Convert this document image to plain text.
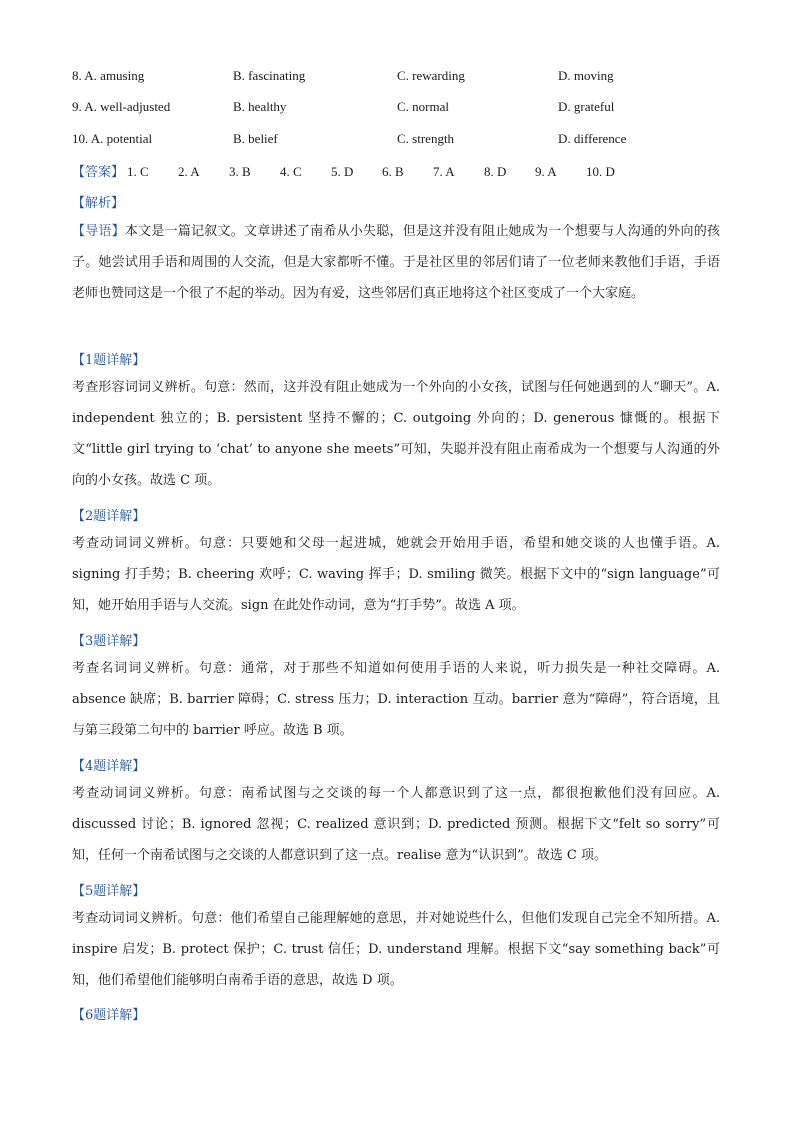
8. A. amusing	B. fascinating	C. rewarding	D. moving
9. A. well-adjusted	B. healthy	C. normal	D. grateful
10. A. potential	B. belief	C. strength	D. difference
【答案】 1. C 2. A 3. B 4. C 5. D 6. B 7. A 8. D 9. A 10. D
【解析】
【导语】本文是一篇记叙文。文章讲述了南希从小失聪，但是这并没有阻止她成为一个想要与人沟通的外向的孩子。她尝试用手语和周围的人交流，但是大家都听不懂。于是社区里的邻居们请了一位老师来教他们手语，手语老师也赞同这是一个很了不起的举动。因为有爱，这些邻居们真正地将这个社区变成了一个大家庭。
【1题详解】
考查形容词词义辨析。句意：然而，这并没有阻止她成为一个外向的小女孩，试图与任何她遇到的人“聊天”。A. independent 独立的；B. persistent 坚持不懈的；C. outgoing 外向的；D. generous 慷慨的。根据下文“little girl trying to ‘chat’ to anyone she meets”可知，失聪并没有阻止南希成为一个想要与人沟通的外向的小女孩。故选 C 项。
【2题详解】
考查动词词义辨析。句意：只要她和父母一起进城，她就会开始用手语，希望和她交谈的人也懂手语。A. signing 打手势；B. cheering 欢呼；C. waving 挥手；D. smiling 微笑。根据下文中的“sign language”可知，她开始用手语与人交流。sign 在此处作动词，意为“打手势”。故选 A 项。
【3题详解】
考查名词词义辨析。句意：通常，对于那些不知道如何使用手语的人来说，听力损失是一种社交障碍。A. absence 缺席；B. barrier 障碍；C. stress 压力；D. interaction 互动。barrier 意为“障碍”，符合语境，且与第三段第二句中的 barrier 呼应。故选 B 项。
【4题详解】
考查动词词义辨析。句意：南希试图与之交谈的每一个人都意识到了这一点，都很抱歉他们没有回应。A. discussed 讨论；B. ignored 忽视；C. realized 意识到；D. predicted 预测。根据下文“felt so sorry”可知，任何一个南希试图与之交谈的人都意识到了这一点。realise 意为“认识到”。故选 C 项。
【5题详解】
考查动词词义辨析。句意：他们希望自己能理解她的意思，并对她说些什么，但他们发现自己完全不知所措。A. inspire 启发；B. protect 保护；C. trust 信任；D. understand 理解。根据下文“say something back”可知，他们希望他们能够明白南希手语的意思，故选 D 项。
【6题详解】
